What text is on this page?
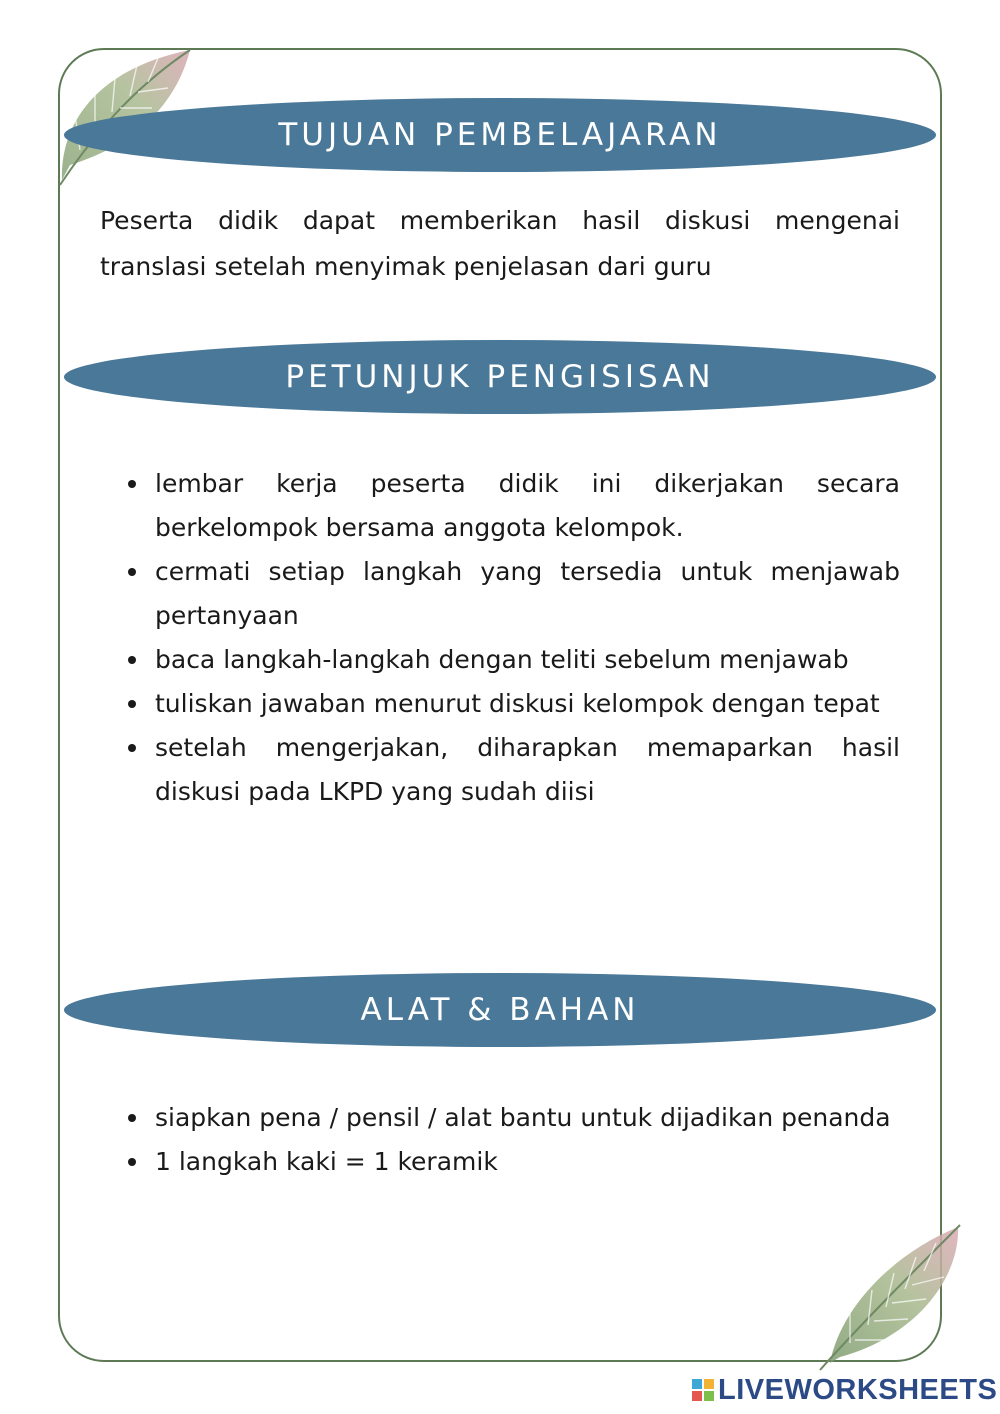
TUJUAN PEMBELAJARAN

Peserta didik dapat memberikan hasil diskusi mengenai translasi setelah menyimak penjelasan dari guru

PETUNJUK PENGISISAN
lembar kerja peserta didik ini dikerjakan secara berkelompok bersama anggota kelompok.
cermati setiap langkah yang tersedia untuk menjawab pertanyaan
baca langkah-langkah dengan teliti sebelum menjawab
tuliskan jawaban menurut diskusi kelompok dengan tepat
setelah mengerjakan, diharapkan memaparkan hasil diskusi pada LKPD yang sudah diisi
ALAT & BAHAN
siapkan pena / pensil / alat bantu untuk dijadikan penanda
1 langkah kaki = 1 keramik
LIVEWORKSHEETS
